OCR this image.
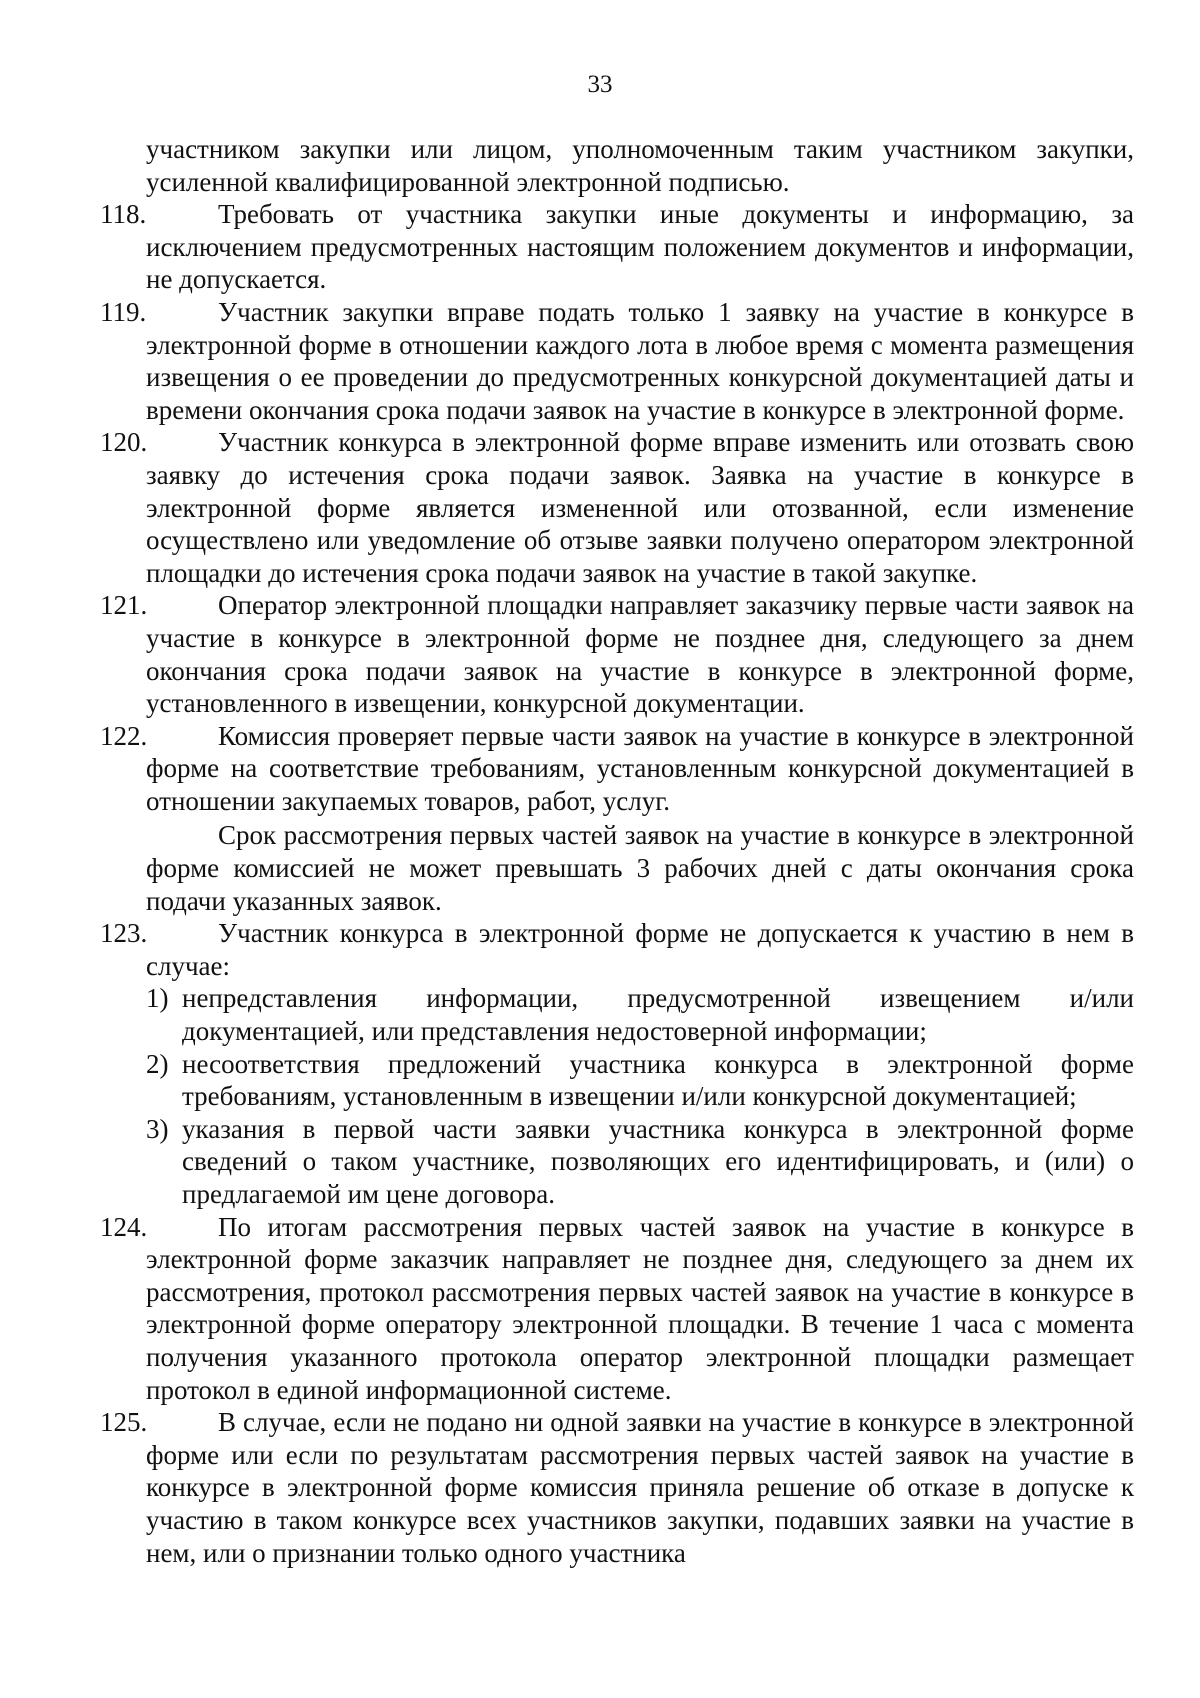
33

участником закупки или лицом, уполномоченным таким участником закупки, усиленной квалифицированной электронной подписью.

118.	Требовать от участника закупки иные документы и информацию, за исключением предусмотренных настоящим положением документов и информации, не допускается.
119.	Участник закупки вправе подать только 1 заявку на участие в конкурсе в электронной форме в отношении каждого лота в любое время с момента размещения извещения о ее проведении до предусмотренных конкурсной документацией даты и времени окончания срока подачи заявок на участие в конкурсе в электронной форме.
120.	Участник конкурса в электронной форме вправе изменить или отозвать свою заявку до истечения срока подачи заявок. Заявка на участие в конкурсе в электронной форме является измененной или отозванной, если изменение осуществлено или уведомление об отзыве заявки получено оператором электронной площадки до истечения срока подачи заявок на участие в такой закупке.
121.	Оператор электронной площадки направляет заказчику первые части заявок на участие в конкурсе в электронной форме не позднее дня, следующего за днем окончания срока подачи заявок на участие в конкурсе в электронной форме, установленного в извещении, конкурсной документации.
122.	Комиссия проверяет первые части заявок на участие в конкурсе в электронной форме на соответствие требованиям, установленным конкурсной документацией в отношении закупаемых товаров, работ, услуг.

Срок рассмотрения первых частей заявок на участие в конкурсе в электронной форме комиссией не может превышать 3 рабочих дней с даты окончания срока подачи указанных заявок.

123.	Участник конкурса в электронной форме не допускается к участию в нем в случае:
1) непредставления информации, предусмотренной извещением и/или документацией, или представления недостоверной информации;
2) несоответствия предложений участника конкурса в электронной форме требованиям, установленным в извещении и/или конкурсной документацией;
3) указания в первой части заявки участника конкурса в электронной форме сведений о таком участнике, позволяющих его идентифицировать, и (или) о предлагаемой им цене договора.
124.	По итогам рассмотрения первых частей заявок на участие в конкурсе в электронной форме заказчик направляет не позднее дня, следующего за днем их рассмотрения, протокол рассмотрения первых частей заявок на участие в конкурсе в электронной форме оператору электронной площадки. В течение 1 часа с момента получения указанного протокола оператор электронной площадки размещает протокол в единой информационной системе.
125.	В случае, если не подано ни одной заявки на участие в конкурсе в электронной форме или если по результатам рассмотрения первых частей заявок на участие в конкурсе в электронной форме комиссия приняла решение об отказе в допуске к участию в таком конкурсе всех участников закупки, подавших заявки на участие в нем, или о признании только одного участника
